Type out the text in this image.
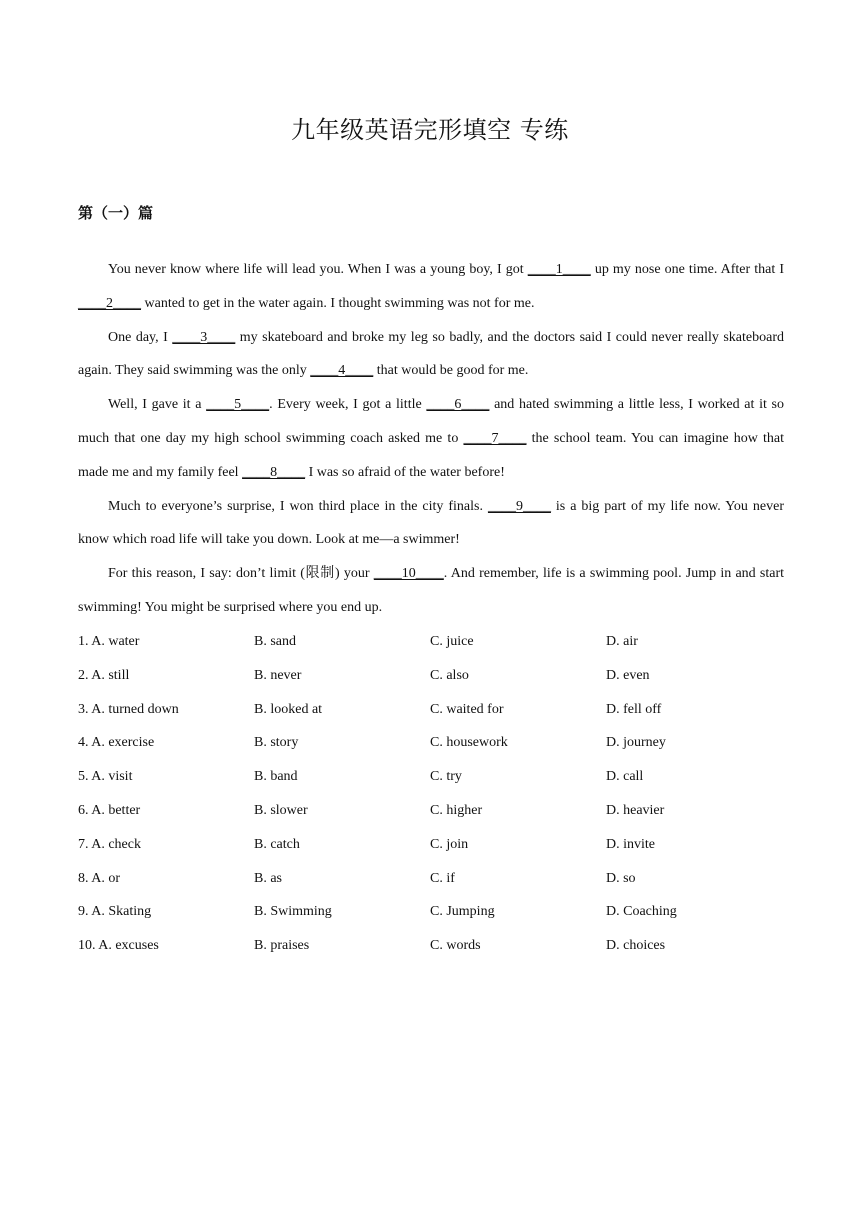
九年级英语完形填空 专练
第（一）篇

You never know where life will lead you. When I was a young boy, I got ____1____ up my nose one time. After that I ____2____ wanted to get in the water again. I thought swimming was not for me.

One day, I ____3____ my skateboard and broke my leg so badly, and the doctors said I could never really skateboard again. They said swimming was the only ____4____ that would be good for me.

Well, I gave it a ____5____. Every week, I got a little ____6____ and hated swimming a little less, I worked at it so much that one day my high school swimming coach asked me to ____7____ the school team. You can imagine how that made me and my family feel ____8____ I was so afraid of the water before!

Much to everyone’s surprise, I won third place in the city finals. ____9____ is a big part of my life now. You never know which road life will take you down. Look at me—a swimmer!

For this reason, I say: don’t limit (限制) your ____10____. And remember, life is a swimming pool. Jump in and start swimming! You might be surprised where you end up.

1. A. water	B. sand	C. juice	D. air
2. A. still	B. never	C. also	D. even
3. A. turned down	B. looked at	C. waited for	D. fell off
4. A. exercise	B. story	C. housework	D. journey
5. A. visit	B. band	C. try	D. call
6. A. better	B. slower	C. higher	D. heavier
7. A. check	B. catch	C. join	D. invite
8. A. or	B. as	C. if	D. so
9. A. Skating	B. Swimming	C. Jumping	D. Coaching
10. A. excuses	B. praises	C. words	D. choices
